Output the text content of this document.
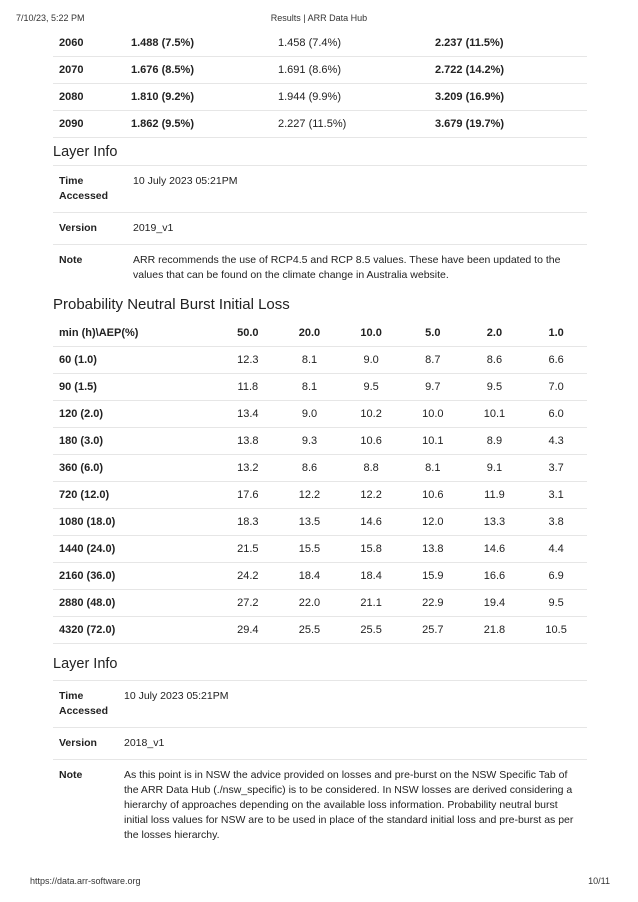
7/10/23, 5:22 PM	Results | ARR Data Hub
2060	1.488 (7.5%)	1.458 (7.4%)	2.237 (11.5%)
2070	1.676 (8.5%)	1.691 (8.6%)	2.722 (14.2%)
2080	1.810 (9.2%)	1.944 (9.9%)	3.209 (16.9%)
2090	1.862 (9.5%)	2.227 (11.5%)	3.679 (19.7%)
Layer Info
Time Accessed	10 July 2023 05:21PM
Version	2019_v1
Note	ARR recommends the use of RCP4.5 and RCP 8.5 values. These have been updated to the values that can be found on the climate change in Australia website.
Probability Neutral Burst Initial Loss
min (h)\AEP(%)	50.0	20.0	10.0	5.0	2.0	1.0
60 (1.0)	12.3	8.1	9.0	8.7	8.6	6.6
90 (1.5)	11.8	8.1	9.5	9.7	9.5	7.0
120 (2.0)	13.4	9.0	10.2	10.0	10.1	6.0
180 (3.0)	13.8	9.3	10.6	10.1	8.9	4.3
360 (6.0)	13.2	8.6	8.8	8.1	9.1	3.7
720 (12.0)	17.6	12.2	12.2	10.6	11.9	3.1
1080 (18.0)	18.3	13.5	14.6	12.0	13.3	3.8
1440 (24.0)	21.5	15.5	15.8	13.8	14.6	4.4
2160 (36.0)	24.2	18.4	18.4	15.9	16.6	6.9
2880 (48.0)	27.2	22.0	21.1	22.9	19.4	9.5
4320 (72.0)	29.4	25.5	25.5	25.7	21.8	10.5
Layer Info
Time Accessed	10 July 2023 05:21PM
Version	2018_v1
Note	As this point is in NSW the advice provided on losses and pre-burst on the NSW Specific Tab of the ARR Data Hub (./nsw_specific) is to be considered. In NSW losses are derived considering a hierarchy of approaches depending on the available loss information. Probability neutral burst initial loss values for NSW are to be used in place of the standard initial loss and pre-burst as per the losses hierarchy.
https://data.arr-software.org	10/11
